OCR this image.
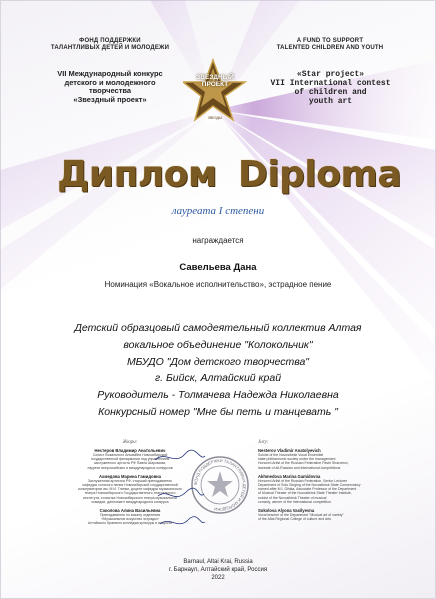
ФОНД ПОДДЕРЖКИ
ТАЛАНТЛИВЫХ ДЕТЕЙ И МОЛОДЕЖИ
A FUND TO SUPPORT
TALENTED CHILDREN AND YOUTH
VII Международный конкурс
детского и молодежного
творчества
«Звездный проект»
«Star project»
VII International contest
of children and
youth art
ЗВЕЗДНЫЙ
ПРОЕКТ
ЗВЕЗДЫ
Диплом Diploma
лауреата I степени
награждается
Савельева Дана
Номинация «Вокальное исполнительство», эстрадное пение
Детский образцовый самодеятельный коллектив Алтая
вокальное объединение "Колокольчик"
МБУДО "Дом детского творчества"
г. Бийск, Алтайский край
Руководитель - Толмачева Надежда Николаевна
Конкурсный номер "Мне бы петь и танцевать "
Жюри:
Нестеров Владимир Анатольевич
Солист Вокального Ансамбля Новосибирской
государственной филармонии под управлением
заслуженного артиста РФ Павла Шаромова,
лауреат всероссийских и международных конкурсов
Ахмедова Марина Гамидовна
Заслуженная артистка РФ, старший преподаватель
кафедры сольного пения Новосибирской государственной
консерватории им. М.И. Глинки, доцент кафедры музыкального
театра Новосибирского Государственного театрального
института, солистка Новосибирского театра музыкальной
комедии, дипломант международного конкурса
Соколова Алина Васильевна
Преподаватель по вокалу отделения
«Музыкальное искусство эстрады»
Алтайского Краевого колледжа культуры и искусств
Jury:
Nesterov Vladimir Anatolyevich
Soloist of the Novosibirsk Vocal Ensemble
state philharmonic society under the management
Honored Artist of the Russian Federation Pavel Sharomov,
laureate of all-Russian and international competitions
Akhmedova Marina Gamidovna
Honored Artist of the Russian Federation, Senior Lecturer
Department of Solo Singing of the Novosibirsk State Conservatory
named after M.I. Glinka, Associate Professor of the Department
of Musical Theater of the Novosibirsk State Theater Institute,
soloist of the Novosibirsk Theater of musical
comedy, winner of the international competition
Sokolova Alyona Vasilyevna
Vocal teacher of the Department "Musical art of variety"
of the Altai Regional College of culture and arts
ФОНД ПОДДЕРЖКИ ТАЛАНТЛИВЫХ ДЕТЕЙ И МОЛОДЕЖИ
Barnaul, Altai Krai, Russia
г. Барнаул, Алтайский край, Россия
2022
